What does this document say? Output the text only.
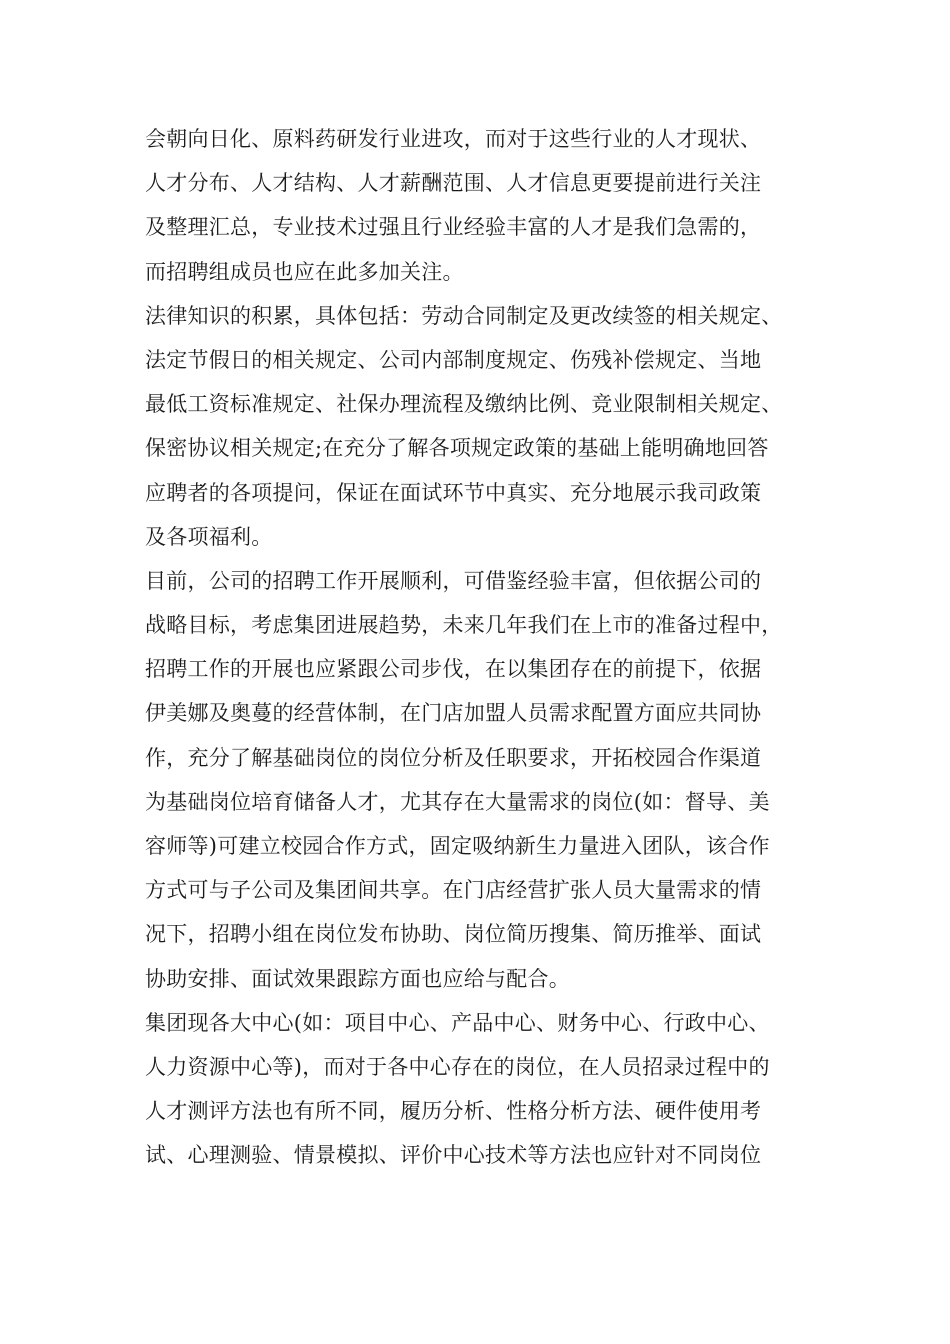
会朝向日化、原料药研发行业进攻，而对于这些行业的人才现状、
人才分布、人才结构、人才薪酬范围、人才信息更要提前进行关注
及整理汇总，专业技术过强且行业经验丰富的人才是我们急需的，
而招聘组成员也应在此多加关注。
法律知识的积累，具体包括：劳动合同制定及更改续签的相关规定、
法定节假日的相关规定、公司内部制度规定、伤残补偿规定、当地
最低工资标准规定、社保办理流程及缴纳比例、竞业限制相关规定、
保密协议相关规定;在充分了解各项规定政策的基础上能明确地回答
应聘者的各项提问，保证在面试环节中真实、充分地展示我司政策
及各项福利。
目前，公司的招聘工作开展顺利，可借鉴经验丰富，但依据公司的
战略目标，考虑集团进展趋势，未来几年我们在上市的准备过程中，
招聘工作的开展也应紧跟公司步伐，在以集团存在的前提下，依据
伊美娜及奥蔓的经营体制，在门店加盟人员需求配置方面应共同协
作，充分了解基础岗位的岗位分析及任职要求，开拓校园合作渠道
为基础岗位培育储备人才，尤其存在大量需求的岗位(如：督导、美
容师等)可建立校园合作方式，固定吸纳新生力量进入团队，该合作
方式可与子公司及集团间共享。在门店经营扩张人员大量需求的情
况下，招聘小组在岗位发布协助、岗位简历搜集、简历推举、面试
协助安排、面试效果跟踪方面也应给与配合。
集团现各大中心(如：项目中心、产品中心、财务中心、行政中心、
人力资源中心等)，而对于各中心存在的岗位，在人员招录过程中的
人才测评方法也有所不同，履历分析、性格分析方法、硬件使用考
试、心理测验、情景模拟、评价中心技术等方法也应针对不同岗位
